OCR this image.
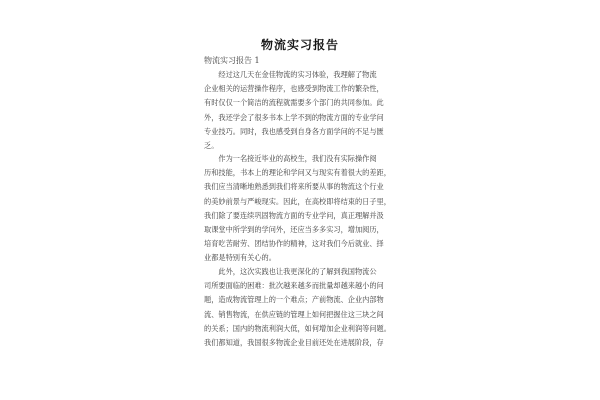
物流实习报告
物流实习报告 1
　　经过这几天在金佳物流的实习体验，我理解了物流
企业相关的运营操作程序，也感受到物流工作的繁杂性，
有时仅仅一个简洁的流程就需要多个部门的共同参加。此
外，我还学会了很多书本上学不到的物流方面的专业学问
专业技巧。同时，我也感受到自身各方面学问的不足与匮
乏。
　　作为一名接近毕业的高校生，我们没有实际操作阅
历和技能，书本上的理论和学问又与现实有着很大的差距，
我们应当清晰地熟悉到我们将来所要从事的物流这个行业
的美妙前景与严峻现实。因此，在高校即将结束的日子里，
我们除了要连续巩固物流方面的专业学问，真正理解并汲
取课堂中所学到的学问外，还应当多多实习，增加阅历，
培育吃苦耐劳、团结协作的精神，这对我们今后就业、择
业都是特别有关心的。
　　此外，这次实践也让我更深化的了解到我国物流公
司所要面临的困难：批次越来越多而批量却越来越小的问
题，造成物流管理上的一个难点；产前物流、企业内部物
流、销售物流，在供应链的管理上如何把握住这三块之间
的关系；国内的物流利润大低，如何增加企业利润等问题。
我们都知道，我国很多物流企业目前还处在进展阶段，存
